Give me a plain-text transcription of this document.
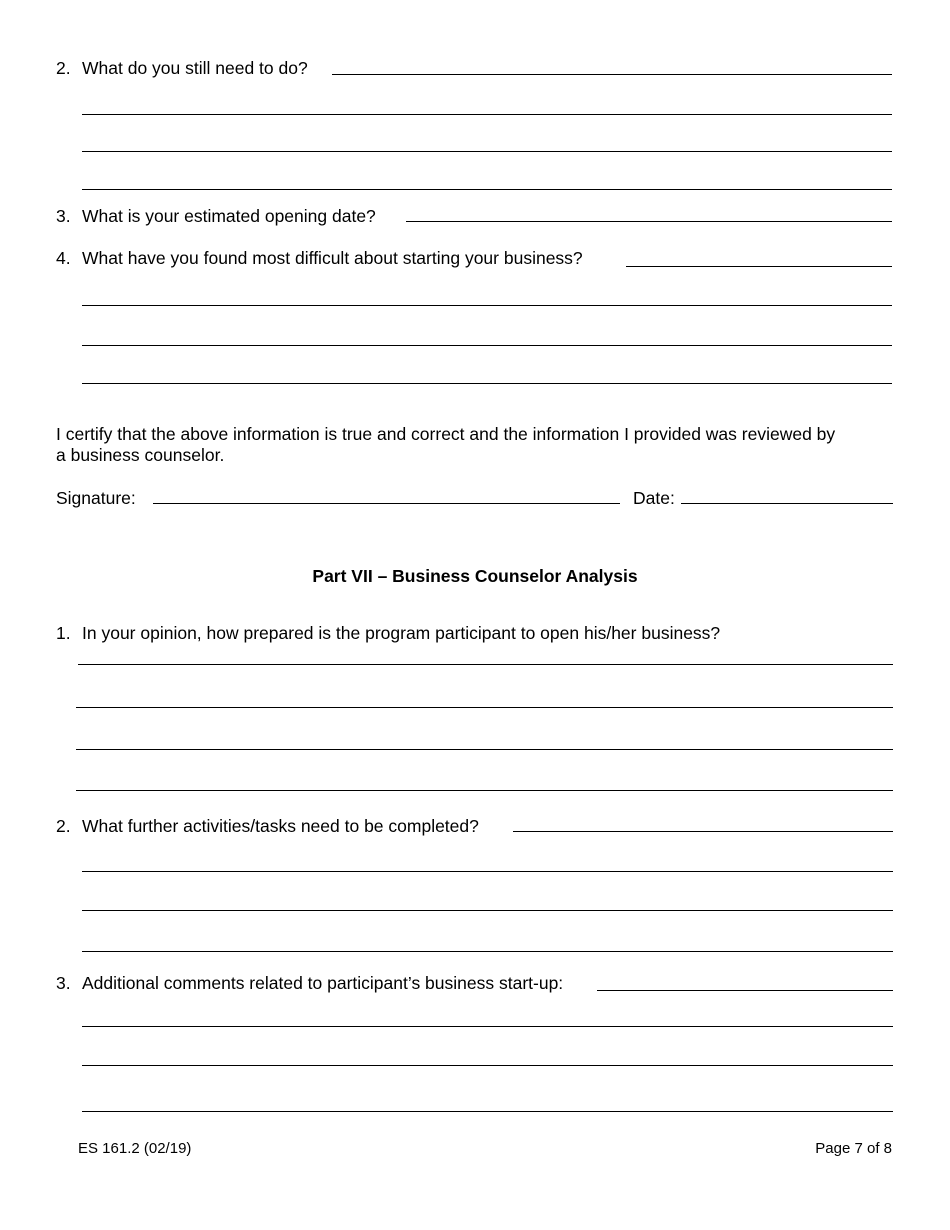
2. What do you still need to do?
3. What is your estimated opening date?
4. What have you found most difficult about starting your business?
I certify that the above information is true and correct and the information I provided was reviewed by
a business counselor.
Signature:	Date:
Part VII – Business Counselor Analysis
1. In your opinion, how prepared is the program participant to open his/her business?
2. What further activities/tasks need to be completed?
3. Additional comments related to participant’s business start-up:
ES 161.2 (02/19)	Page 7 of 8
